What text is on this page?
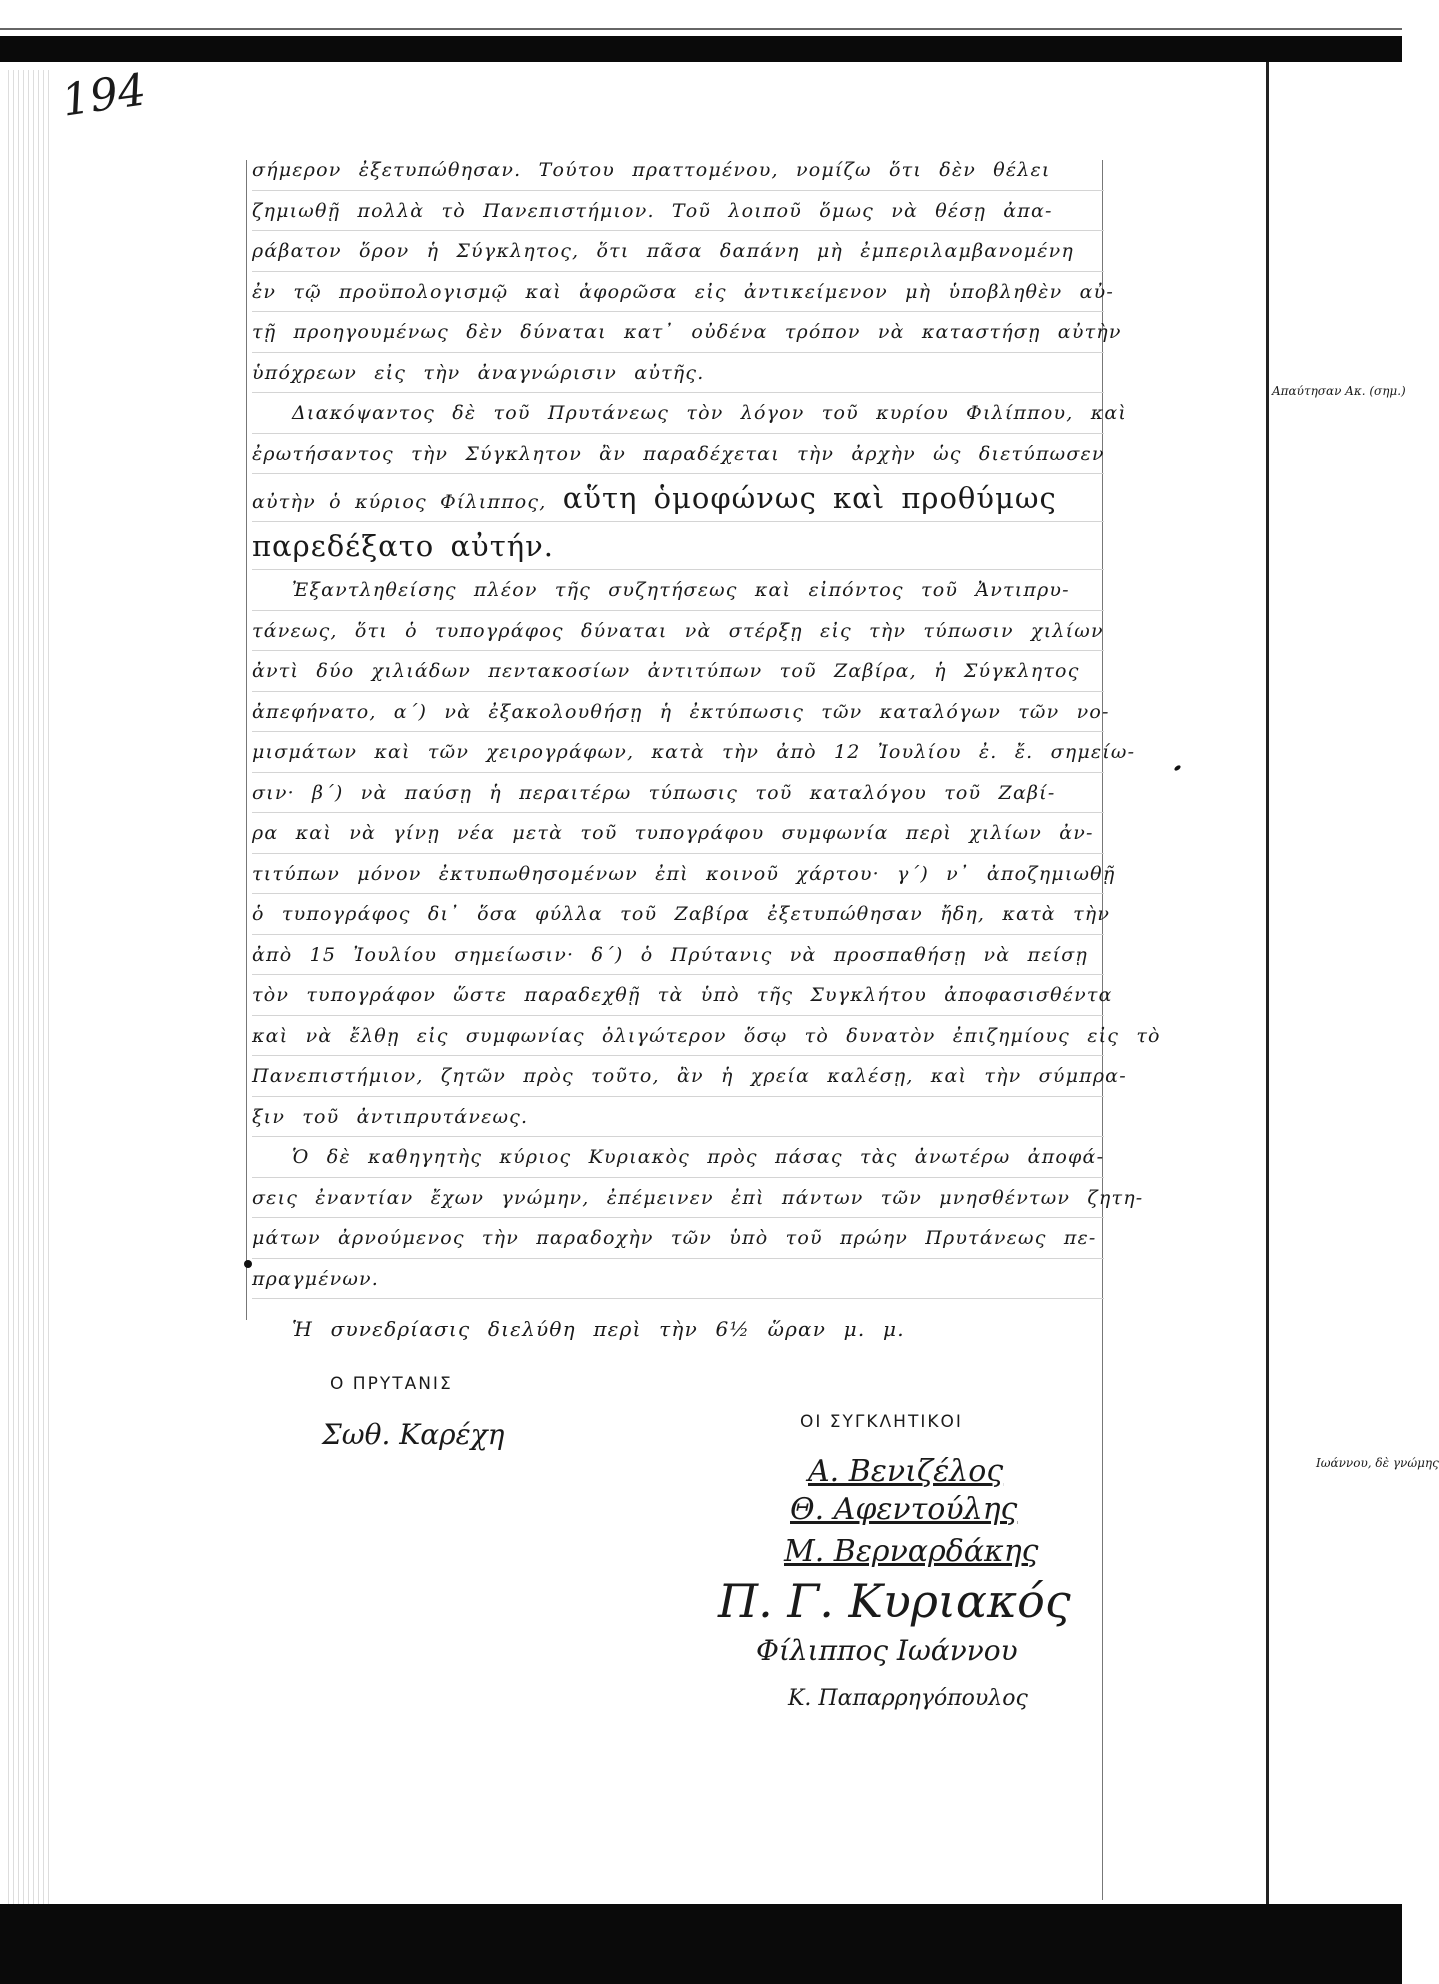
194
σήμερον ἐξετυπώθησαν. Τούτου πραττομένου, νομίζω ὅτι δὲν θέλει
ζημιωθῇ πολλὰ τὸ Πανεπιστήμιον. Τοῦ λοιποῦ ὅμως νὰ θέσῃ ἀπα-
ράβατον ὅρον ἡ Σύγκλητος, ὅτι πᾶσα δαπάνη μὴ ἐμπεριλαμβανομένη
ἐν τῷ προϋπολογισμῷ καὶ ἀφορῶσα εἰς ἀντικείμενον μὴ ὑποβληθὲν αὐ-
τῇ προηγουμένως δὲν δύναται κατ᾽ οὐδένα τρόπον νὰ καταστήσῃ αὐτὴν
ὑπόχρεων εἰς τὴν ἀναγνώρισιν αὐτῆς.
Διακόψαντος δὲ τοῦ Πρυτάνεως τὸν λόγον τοῦ κυρίου Φιλίππου, καὶ
ἐρωτήσαντος τὴν Σύγκλητον ἂν παραδέχεται τὴν ἀρχὴν ὡς διετύπωσεν
αὐτὴν ὁ κύριος Φίλιππος, αὕτη ὁμοφώνως καὶ προθύμως
παρεδέξατο αὐτήν.
Ἐξαντληθείσης πλέον τῆς συζητήσεως καὶ εἰπόντος τοῦ Ἀντιπρυ-
τάνεως, ὅτι ὁ τυπογράφος δύναται νὰ στέρξῃ εἰς τὴν τύπωσιν χιλίων
ἀντὶ δύο χιλιάδων πεντακοσίων ἀντιτύπων τοῦ Ζαβίρα, ἡ Σύγκλητος
ἀπεφήνατο, α΄) νὰ ἐξακολουθήσῃ ἡ ἐκτύπωσις τῶν καταλόγων τῶν νο-
μισμάτων καὶ τῶν χειρογράφων, κατὰ τὴν ἀπὸ 12 Ἰουλίου ἐ. ἔ. σημείω-
σιν· β΄) νὰ παύσῃ ἡ περαιτέρω τύπωσις τοῦ καταλόγου τοῦ Ζαβί-
ρα καὶ νὰ γίνῃ νέα μετὰ τοῦ τυπογράφου συμφωνία περὶ χιλίων ἀν-
τιτύπων μόνον ἐκτυπωθησομένων ἐπὶ κοινοῦ χάρτου· γ΄) ν᾽ ἀποζημιωθῇ
ὁ τυπογράφος δι᾽ ὅσα φύλλα τοῦ Ζαβίρα ἐξετυπώθησαν ἤδη, κατὰ τὴν
ἀπὸ 15 Ἰουλίου σημείωσιν· δ΄) ὁ Πρύτανις νὰ προσπαθήσῃ νὰ πείσῃ
τὸν τυπογράφον ὥστε παραδεχθῇ τὰ ὑπὸ τῆς Συγκλήτου ἀποφασισθέντα
καὶ νὰ ἔλθῃ εἰς συμφωνίας ὀλιγώτερον ὅσῳ τὸ δυνατὸν ἐπιζημίους εἰς τὸ
Πανεπιστήμιον, ζητῶν πρὸς τοῦτο, ἂν ἡ χρεία καλέσῃ, καὶ τὴν σύμπρα-
ξιν τοῦ ἀντιπρυτάνεως.
Ὁ δὲ καθηγητὴς κύριος Κυριακὸς πρὸς πάσας τὰς ἀνωτέρω ἀποφά-
σεις ἐναντίαν ἔχων γνώμην, ἐπέμεινεν ἐπὶ πάντων τῶν μνησθέντων ζητη-
μάτων ἀρνούμενος τὴν παραδοχὴν τῶν ὑπὸ τοῦ πρώην Πρυτάνεως πε-
πραγμένων.
Ἡ συνεδρίασις διελύθη περὶ τὴν 6½ ὥραν μ. μ.
Ο ΠΡΥΤΑΝΙΣ
Σωθ. Καρέχη	ΟΙ ΣΥΓΚΛΗΤΙΚΟΙ
Α. Βενιζέλος
Θ. Αφεντούλης
Μ. Βερναρδάκης
Π. Γ. Κυριακός
Φίλιππος Ιωάννου
Κ. Παπαρρηγόπουλος
Απαύτησαν Ακ. (σημ.)
Ιωάννου, δὲ γνώμης
